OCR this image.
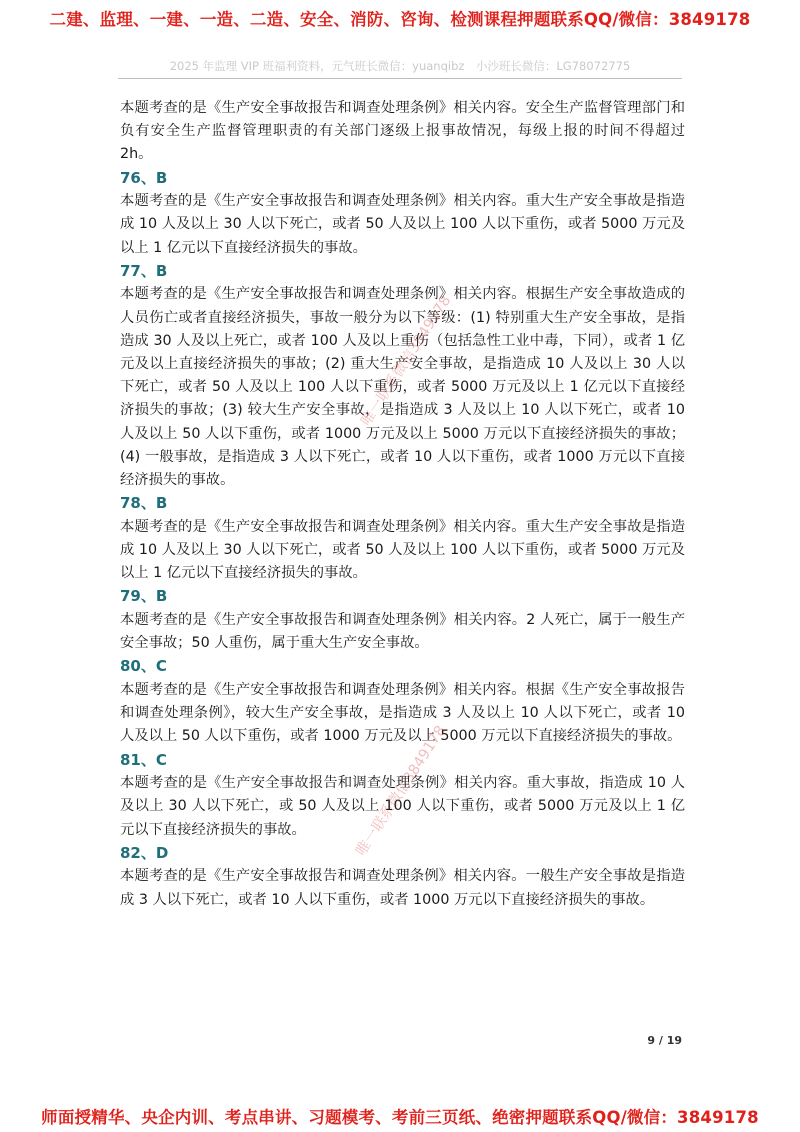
二建、监理、一建、一造、二造、安全、消防、咨询、检测课程押题联系QQ/微信：3849178
2025 年监理 VIP 班福利资料，元气班长微信：yuanqibz　小沙班长微信：LG78072775

本题考查的是《生产安全事故报告和调查处理条例》相关内容。安全生产监督管理部门和负有安全生产监督管理职责的有关部门逐级上报事故情况，每级上报的时间不得超过 2h。

76、B

本题考查的是《生产安全事故报告和调查处理条例》相关内容。重大生产安全事故是指造成 10 人及以上 30 人以下死亡，或者 50 人及以上 100 人以下重伤，或者 5000 万元及以上 1 亿元以下直接经济损失的事故。

77、B

本题考查的是《生产安全事故报告和调查处理条例》相关内容。根据生产安全事故造成的人员伤亡或者直接经济损失，事故一般分为以下等级：(1) 特别重大生产安全事故，是指造成 30 人及以上死亡，或者 100 人及以上重伤（包括急性工业中毒，下同），或者 1 亿元及以上直接经济损失的事故；(2) 重大生产安全事故，是指造成 10 人及以上 30 人以下死亡，或者 50 人及以上 100 人以下重伤，或者 5000 万元及以上 1 亿元以下直接经济损失的事故；(3) 较大生产安全事故，是指造成 3 人及以上 10 人以下死亡，或者 10 人及以上 50 人以下重伤，或者 1000 万元及以上 5000 万元以下直接经济损失的事故；(4) 一般事故，是指造成 3 人以下死亡，或者 10 人以下重伤，或者 1000 万元以下直接经济损失的事故。

78、B

本题考查的是《生产安全事故报告和调查处理条例》相关内容。重大生产安全事故是指造成 10 人及以上 30 人以下死亡，或者 50 人及以上 100 人以下重伤，或者 5000 万元及以上 1 亿元以下直接经济损失的事故。

79、B

本题考查的是《生产安全事故报告和调查处理条例》相关内容。2 人死亡，属于一般生产安全事故；50 人重伤，属于重大生产安全事故。

80、C

本题考查的是《生产安全事故报告和调查处理条例》相关内容。根据《生产安全事故报告和调查处理条例》，较大生产安全事故，是指造成 3 人及以上 10 人以下死亡，或者 10 人及以上 50 人以下重伤，或者 1000 万元及以上 5000 万元以下直接经济损失的事故。

81、C

本题考查的是《生产安全事故报告和调查处理条例》相关内容。重大事故，指造成 10 人及以上 30 人以下死亡，或 50 人及以上 100 人以下重伤，或者 5000 万元及以上 1 亿元以下直接经济损失的事故。

82、D

本题考查的是《生产安全事故报告和调查处理条例》相关内容。一般生产安全事故是指造成 3 人以下死亡，或者 10 人以下重伤，或者 1000 万元以下直接经济损失的事故。

唯一联系微信3849178
唯一联系微信3849178
9 / 19
师面授精华、央企内训、考点串讲、习题模考、考前三页纸、绝密押题联系QQ/微信：3849178
